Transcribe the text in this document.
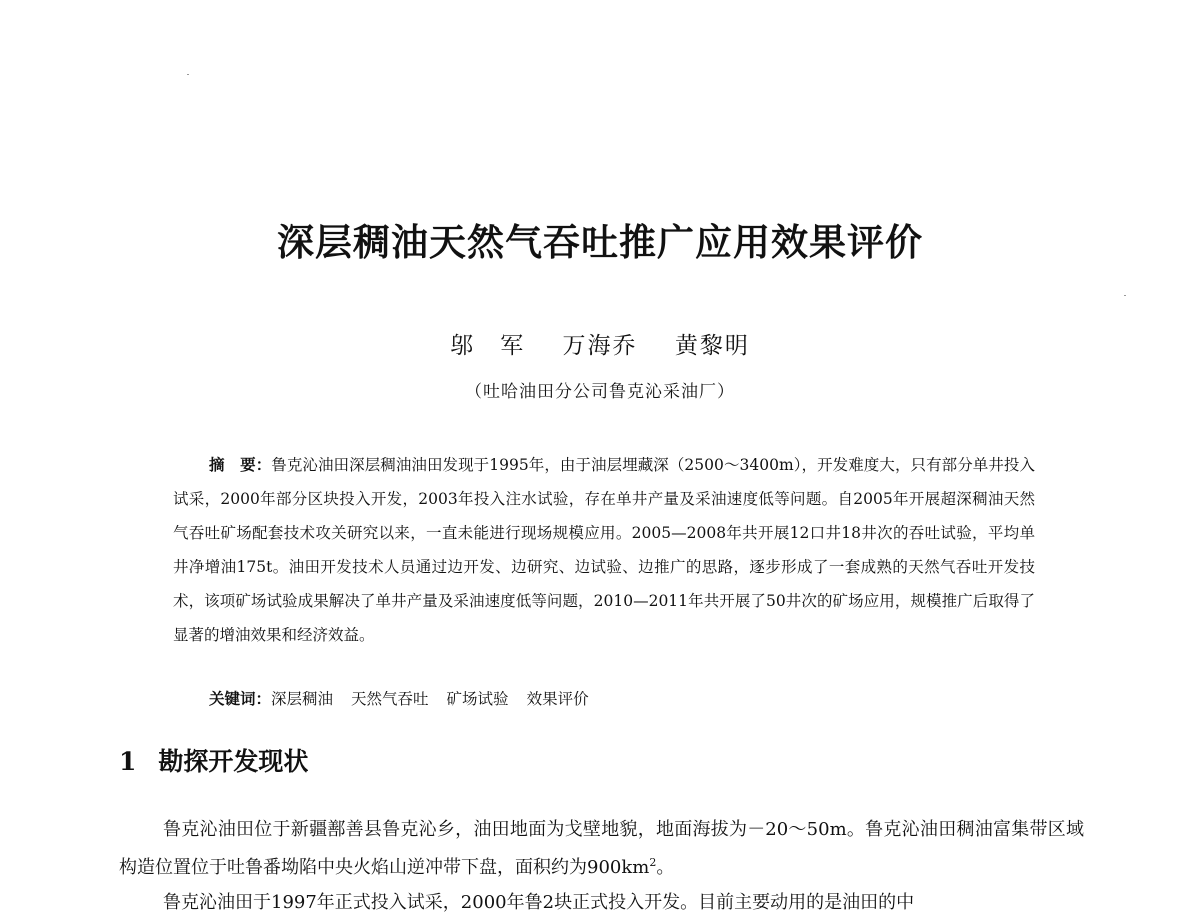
深层稠油天然气吞吐推广应用效果评价
邬　军 万海乔 黄黎明
（吐哈油田分公司鲁克沁采油厂）
摘　要：鲁克沁油田深层稠油油田发现于1995年，由于油层埋藏深（2500～3400m），开发难度大，只有部分单井投入试采，2000年部分区块投入开发，2003年投入注水试验，存在单井产量及采油速度低等问题。自2005年开展超深稠油天然气吞吐矿场配套技术攻关研究以来，一直未能进行现场规模应用。2005—2008年共开展12口井18井次的吞吐试验，平均单井净增油175t。油田开发技术人员通过边开发、边研究、边试验、边推广的思路，逐步形成了一套成熟的天然气吞吐开发技术，该项矿场试验成果解决了单井产量及采油速度低等问题，2010—2011年共开展了50井次的矿场应用，规模推广后取得了显著的增油效果和经济效益。
关键词：深层稠油 天然气吞吐 矿场试验 效果评价
1 勘探开发现状
鲁克沁油田位于新疆鄯善县鲁克沁乡，油田地面为戈壁地貌，地面海拔为－20～50m。鲁克沁油田稠油富集带区域构造位置位于吐鲁番坳陷中央火焰山逆冲带下盘，面积约为$900km^2$。
鲁克沁油田于1997年正式投入试采，2000年鲁2块正式投入开发。目前主要动用的是油田的中
